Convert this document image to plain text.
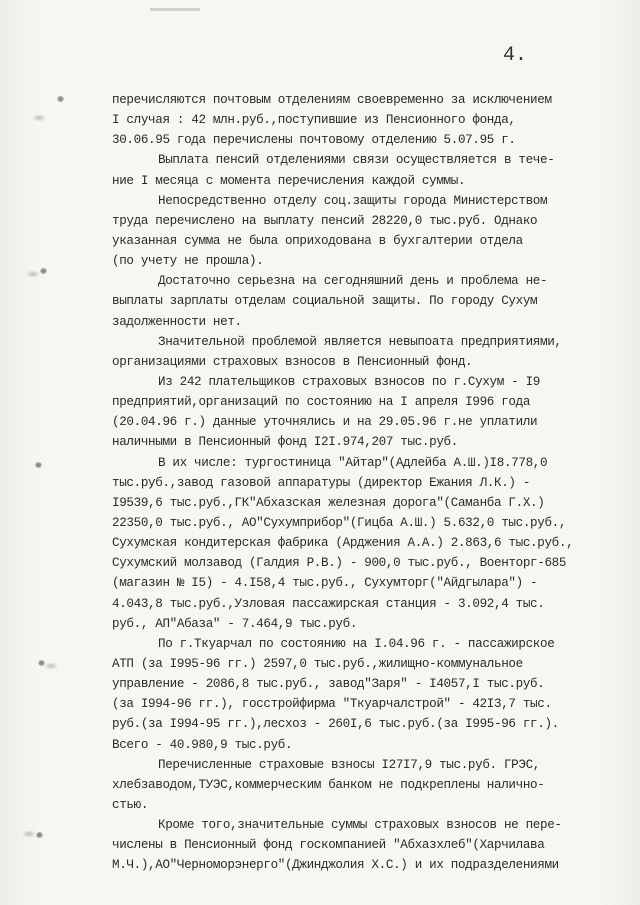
4.
перечисляются почтовым отделениям своевременно за исключением
I случая : 42 млн.руб.,поступившие из Пенсионного фонда,
30.06.95 года перечислены почтовому отделению 5.07.95 г.
Выплата пенсий отделениями связи осуществляется в тече-
ние I месяца с момента перечисления каждой суммы.
Непосредственно отделу соц.защиты города Министерством
труда перечислено на выплату пенсий 28220,0 тыс.руб. Однако
указанная сумма не была оприходована в бухгалтерии отдела
(по учету не прошла).
Достаточно серьезна на сегодняшний день и проблема не-
выплаты зарплаты отделам социальной защиты. По городу Сухум
задолженности нет.
Значительной проблемой является невыпоата предприятиями,
организациями страховых взносов в Пенсионный фонд.
Из 242 плательщиков страховых взносов по г.Сухум - I9
предприятий,организаций по состоянию на I апреля I996 года
(20.04.96 г.) данные уточнялись и на 29.05.96 г.не уплатили
наличными в Пенсионный фонд I2I.974,207 тыс.руб.
В их числе: тургостиница "Айтар"(Адлейба А.Ш.)I8.778,0
тыс.руб.,завод газовой аппаратуры (директор Ежания Л.К.) -
I9539,6 тыс.руб.,ГК"Абхазская железная дорога"(Саманба Г.Х.)
22350,0 тыс.руб., АО"Сухумприбор"(Гицба А.Ш.) 5.632,0 тыс.руб.,
Сухумская кондитерская фабрика (Арджения А.А.) 2.863,6 тыс.руб.,
Сухумский молзавод (Галдия Р.В.) - 900,0 тыс.руб., Военторг-685
(магазин № I5) - 4.I58,4 тыс.руб., Сухумторг("Айдгылара") -
4.043,8 тыс.руб.,Узловая пассажирская станция - 3.092,4 тыс.
руб., АП"Абаза" - 7.464,9 тыс.руб.
По г.Ткуарчал по состоянию на I.04.96 г. - пассажирское
АТП (за I995-96 гг.) 2597,0 тыс.руб.,жилищно-коммунальное
управление - 2086,8 тыс.руб., завод"Заря" - I4057,I тыс.руб.
(за I994-96 гг.), госстройфирма "Ткуарчалстрой" - 42I3,7 тыс.
руб.(за I994-95 гг.),лесхоз - 260I,6 тыс.руб.(за I995-96 гг.).
Всего - 40.980,9 тыс.руб.
Перечисленные страховые взносы I27I7,9 тыс.руб. ГРЭС,
хлебзаводом,ТУЭС,коммерческим банком не подкреплены налично-
стью.
Кроме того,значительные суммы страховых взносов не пере-
числены в Пенсионный фонд госкомпанией "Абхазхлеб"(Харчилава
М.Ч.),АО"Черноморэнерго"(Джинджолия Х.С.) и их подразделениями
